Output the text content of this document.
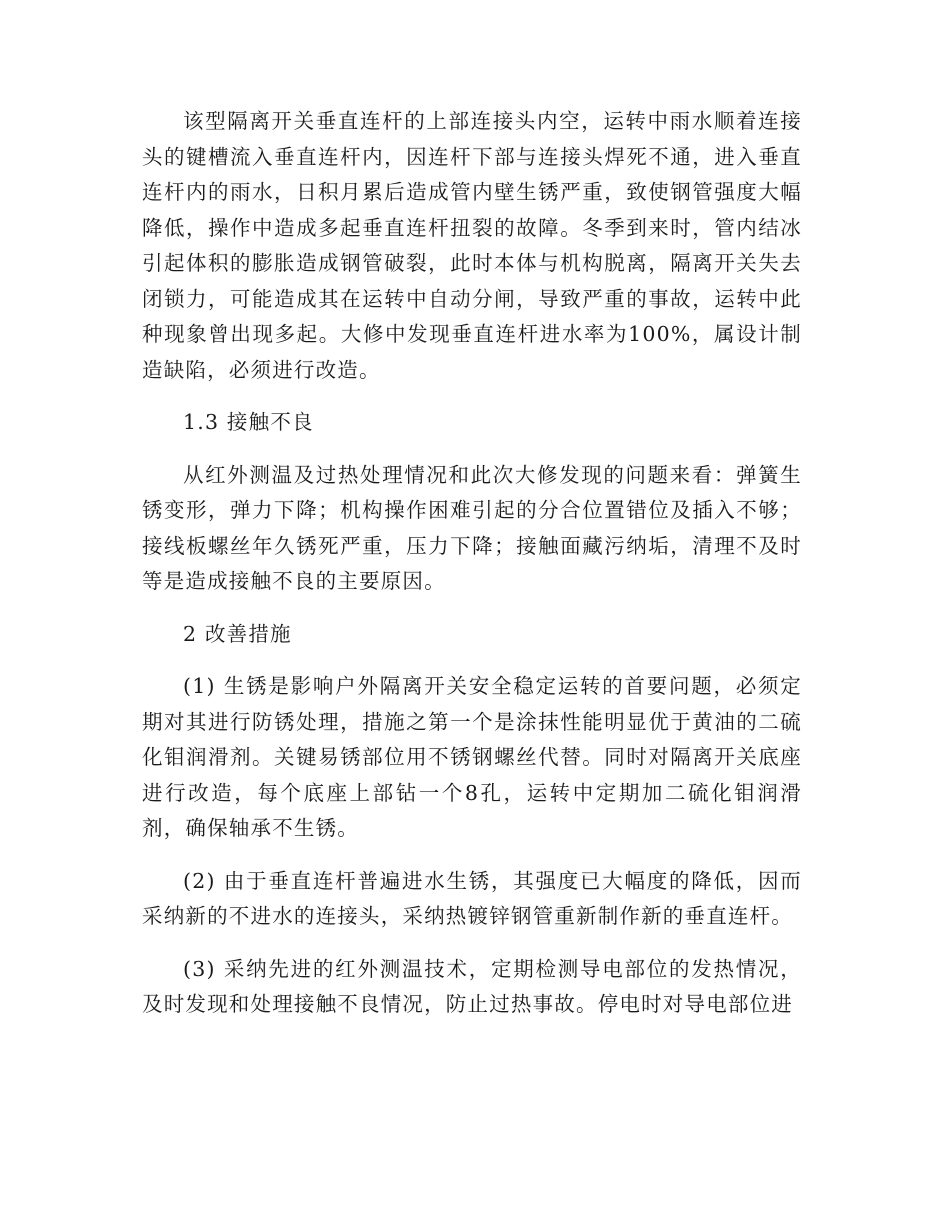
该型隔离开关垂直连杆的上部连接头内空，运转中雨水顺着连接头的键槽流入垂直连杆内，因连杆下部与连接头焊死不通，进入垂直连杆内的雨水，日积月累后造成管内壁生锈严重，致使钢管强度大幅降低，操作中造成多起垂直连杆扭裂的故障。冬季到来时，管内结冰引起体积的膨胀造成钢管破裂，此时本体与机构脱离，隔离开关失去闭锁力，可能造成其在运转中自动分闸，导致严重的事故，运转中此种现象曾出现多起。大修中发现垂直连杆进水率为100%，属设计制造缺陷，必须进行改造。

1.3 接触不良

从红外测温及过热处理情况和此次大修发现的问题来看：弹簧生锈变形，弹力下降；机构操作困难引起的分合位置错位及插入不够；接线板螺丝年久锈死严重，压力下降；接触面藏污纳垢，清理不及时等是造成接触不良的主要原因。

2 改善措施

(1) 生锈是影响户外隔离开关安全稳定运转的首要问题，必须定期对其进行防锈处理，措施之第一个是涂抹性能明显优于黄油的二硫化钼润滑剂。关键易锈部位用不锈钢螺丝代替。同时对隔离开关底座进行改造，每个底座上部钻一个8孔，运转中定期加二硫化钼润滑剂，确保轴承不生锈。

(2) 由于垂直连杆普遍进水生锈，其强度已大幅度的降低，因而采纳新的不进水的连接头，采纳热镀锌钢管重新制作新的垂直连杆。

(3) 采纳先进的红外测温技术，定期检测导电部位的发热情况，及时发现和处理接触不良情况，防止过热事故。停电时对导电部位进
